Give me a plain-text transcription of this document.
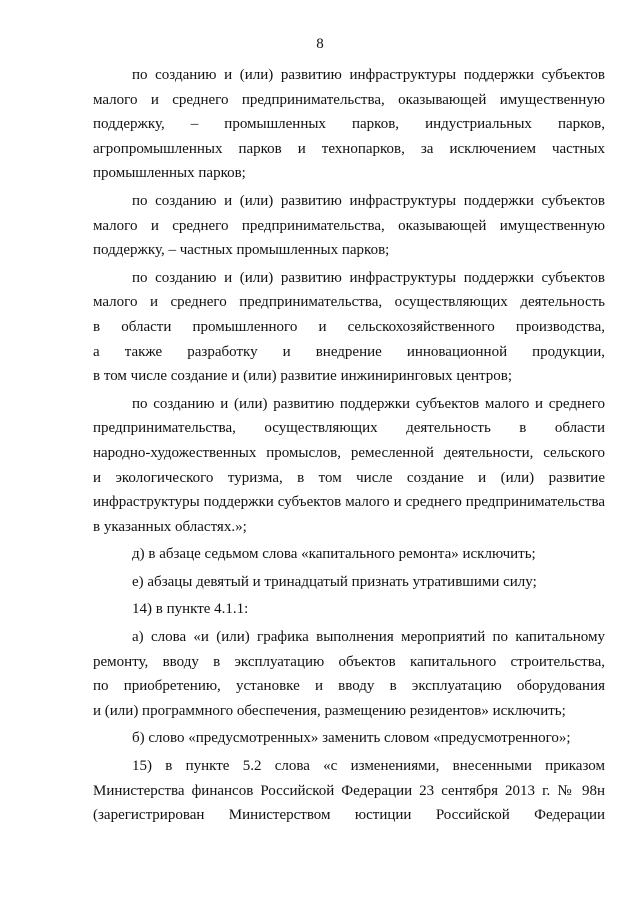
8
по созданию и (или) развитию инфраструктуры поддержки субъектов
малого и среднего предпринимательства, оказывающей имущественную
поддержку, – промышленных парков, индустриальных парков,
агропромышленных парков и технопарков, за исключением частных
промышленных парков;
по созданию и (или) развитию инфраструктуры поддержки субъектов
малого и среднего предпринимательства, оказывающей имущественную
поддержку, – частных промышленных парков;
по созданию и (или) развитию инфраструктуры поддержки субъектов
малого и среднего предпринимательства, осуществляющих деятельность
в области промышленного и сельскохозяйственного производства,
а также разработку и внедрение инновационной продукции,
в том числе создание и (или) развитие инжиниринговых центров;
по созданию и (или) развитию поддержки субъектов малого и среднего
предпринимательства, осуществляющих деятельность в области
народно-художественных промыслов, ремесленной деятельности, сельского
и экологического туризма, в том числе создание и (или) развитие
инфраструктуры поддержки субъектов малого и среднего предпринимательства
в указанных областях.»;
д) в абзаце седьмом слова «капитального ремонта» исключить;
е) абзацы девятый и тринадцатый признать утратившими силу;
14) в пункте 4.1.1:
а) слова «и (или) графика выполнения мероприятий по капитальному
ремонту, вводу в эксплуатацию объектов капитального строительства,
по приобретению, установке и вводу в эксплуатацию оборудования
и (или) программного обеспечения, размещению резидентов» исключить;
б) слово «предусмотренных» заменить словом «предусмотренного»;
15) в пункте 5.2 слова «с изменениями, внесенными приказом
Министерства финансов Российской Федерации 23 сентября 2013 г. № 98н
(зарегистрирован Министерством юстиции Российской Федерации
